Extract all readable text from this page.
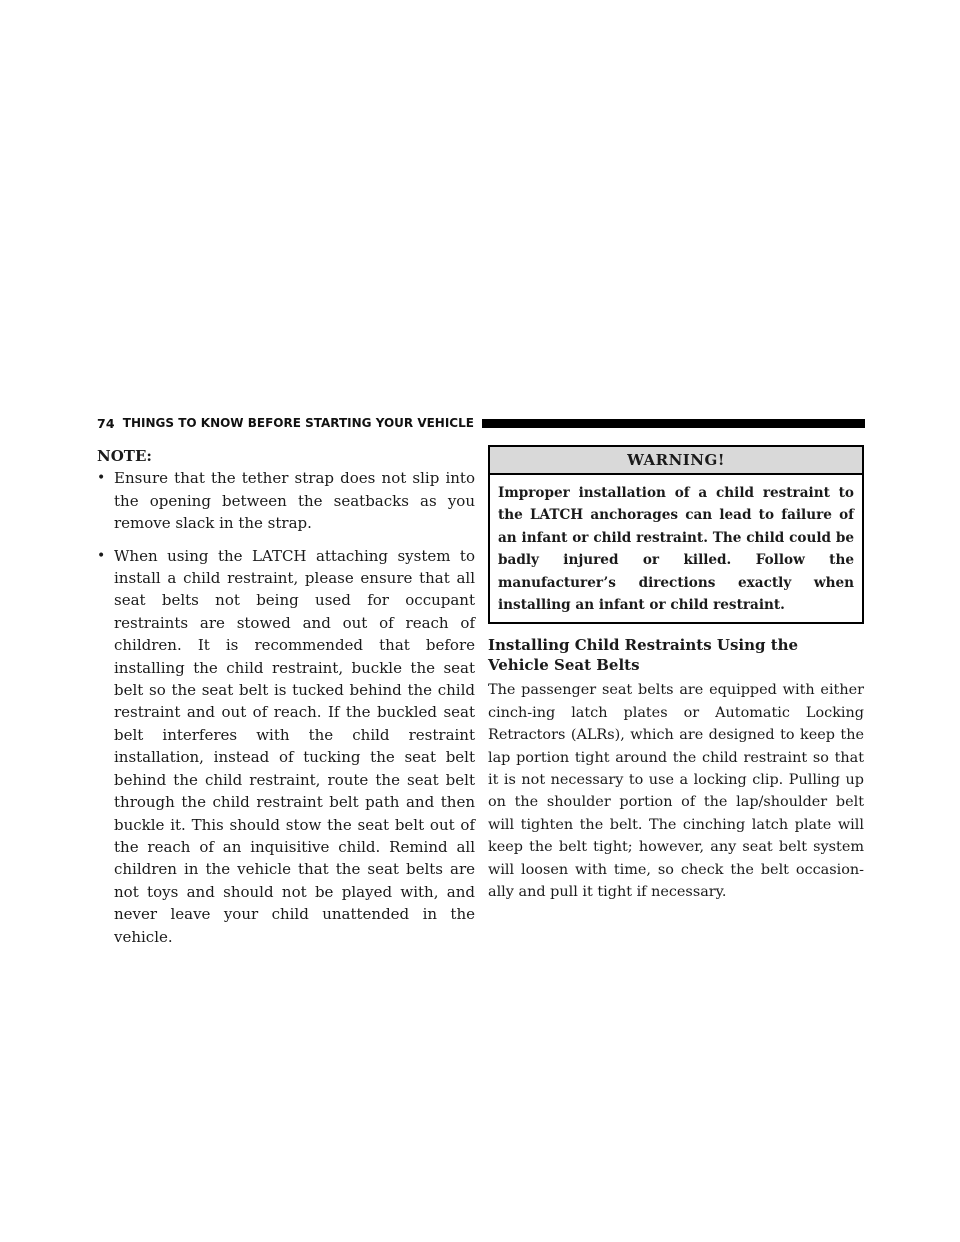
74 THINGS TO KNOW BEFORE STARTING YOUR VEHICLE
NOTE:
• Ensure that the tether strap does not slip into the opening between the seatbacks as you remove slack in the strap.
• When using the LATCH attaching system to install a child restraint, please ensure that all seat belts not being used for occupant restraints are stowed and out of reach of children. It is recommended that before installing the child restraint, buckle the seat belt so the seat belt is tucked behind the child restraint and out of reach. If the buckled seat belt interferes with the child restraint installation, instead of tucking the seat belt behind the child restraint, route the seat belt through the child restraint belt path and then buckle it. This should stow the seat belt out of the reach of an inquisitive child. Remind all children in the vehicle that the seat belts are not toys and should not be played with, and never leave your child unattended in the vehicle.
WARNING!
Improper installation of a child restraint to the LATCH anchorages can lead to failure of an infant or child restraint. The child could be badly injured or killed. Follow the manufacturer’s directions exactly when installing an infant or child restraint.
Installing Child Restraints Using the Vehicle Seat Belts
The passenger seat belts are equipped with either cinch-ing latch plates or Automatic Locking Retractors (ALRs), which are designed to keep the lap portion tight around the child restraint so that it is not necessary to use a locking clip. Pulling up on the shoulder portion of the lap/shoulder belt will tighten the belt. The cinching latch plate will keep the belt tight; however, any seat belt system will loosen with time, so check the belt occasion-ally and pull it tight if necessary.
